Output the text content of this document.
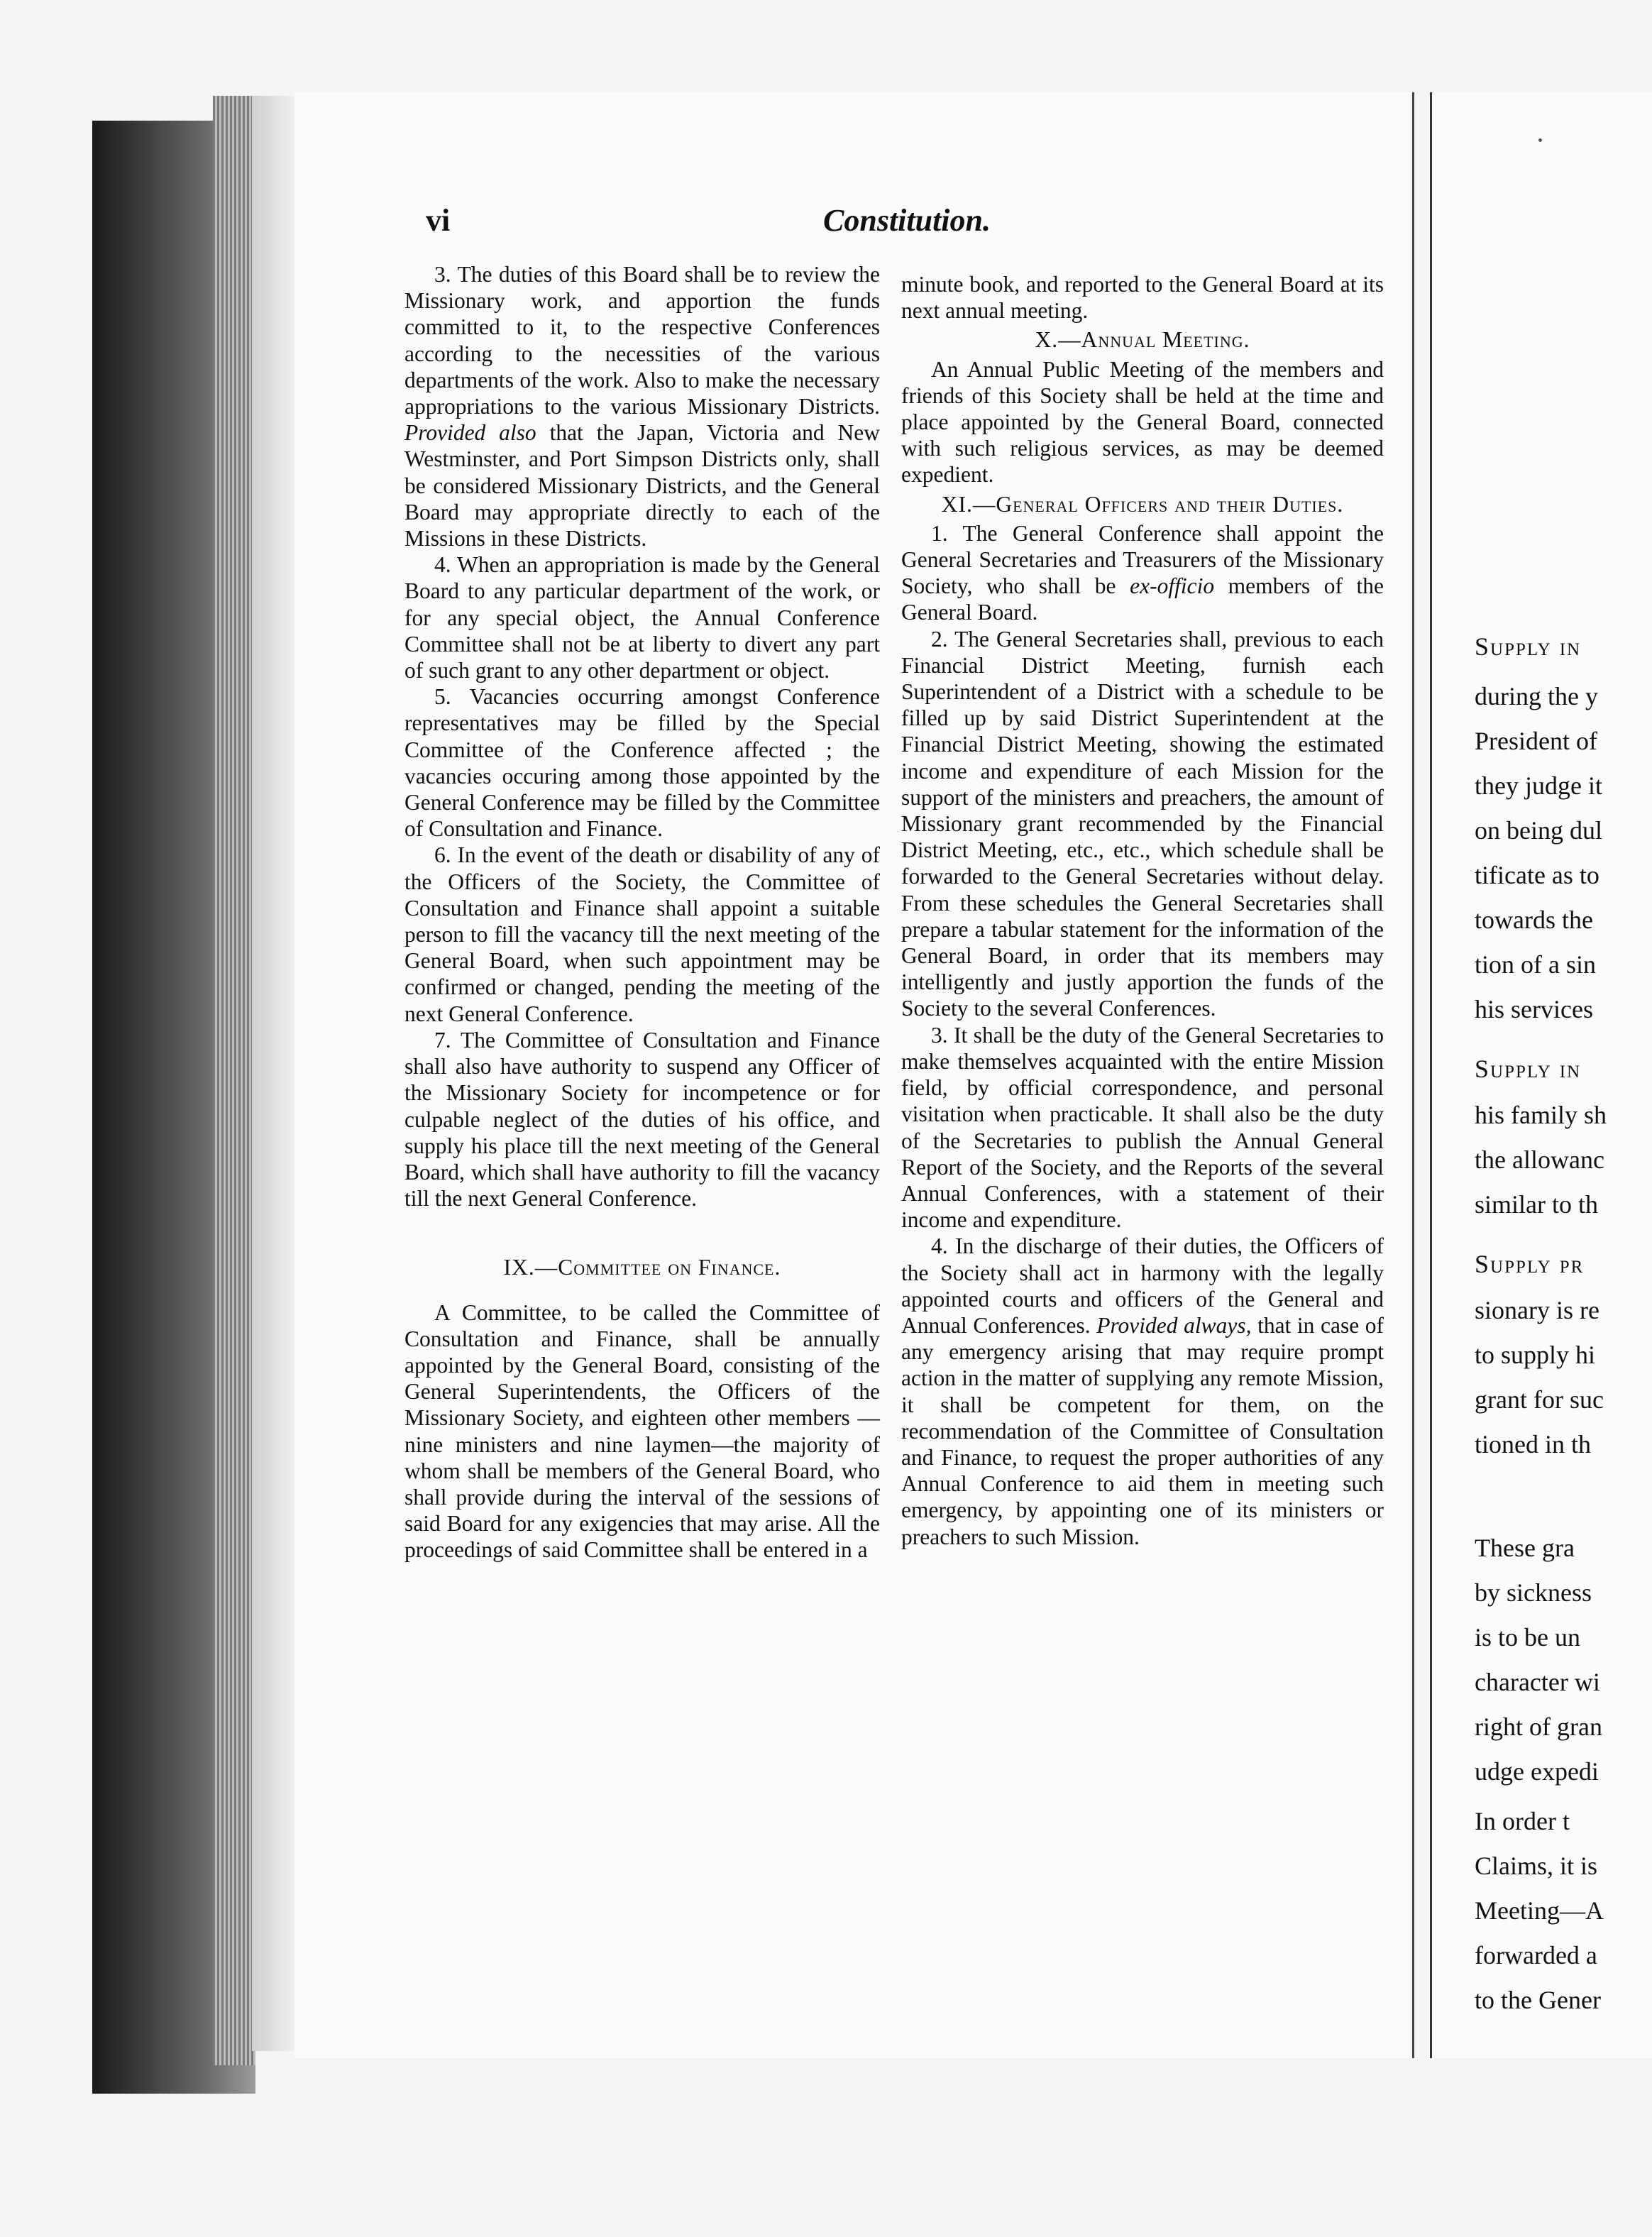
vi	Constitution.

3. The duties of this Board shall be to review the Missionary work, and apportion the funds committed to it, to the respective Conferences according to the necessities of the various departments of the work. Also to make the necessary appropriations to the various Missionary Districts. Provided also that the Japan, Victoria and New Westminster, and Port Simpson Districts only, shall be considered Missionary Districts, and the General Board may appropriate directly to each of the Missions in these Districts.

4. When an appropriation is made by the General Board to any particular department of the work, or for any special object, the Annual Conference Committee shall not be at liberty to divert any part of such grant to any other department or object.

5. Vacancies occurring amongst Conference representatives may be filled by the Special Committee of the Conference affected ; the vacancies occuring among those appointed by the General Conference may be filled by the Committee of Consultation and Finance.

6. In the event of the death or disability of any of the Officers of the Society, the Committee of Consultation and Finance shall appoint a suitable person to fill the vacancy till the next meeting of the General Board, when such appointment may be confirmed or changed, pending the meeting of the next General Conference.

7. The Committee of Consultation and Finance shall also have authority to suspend any Officer of the Missionary Society for incompetence or for culpable neglect of the duties of his office, and supply his place till the next meeting of the General Board, which shall have authority to fill the vacancy till the next General Conference.

IX.—Committee on Finance.

A Committee, to be called the Committee of Consultation and Finance, shall be annually appointed by the General Board, consisting of the General Superintendents, the Officers of the Missionary Society, and eighteen other members — nine ministers and nine laymen—the majority of whom shall be members of the General Board, who shall provide during the interval of the sessions of said Board for any exigencies that may arise. All the proceedings of said Committee shall be entered in a

minute book, and reported to the General Board at its next annual meeting.

X.—Annual Meeting.

An Annual Public Meeting of the members and friends of this Society shall be held at the time and place appointed by the General Board, connected with such religious services, as may be deemed expedient.

XI.—General Officers and their Duties.

1. The General Conference shall appoint the General Secretaries and Treasurers of the Missionary Society, who shall be ex-officio members of the General Board.

2. The General Secretaries shall, previous to each Financial District Meeting, furnish each Superintendent of a District with a schedule to be filled up by said District Superintendent at the Financial District Meeting, showing the estimated income and expenditure of each Mission for the support of the ministers and preachers, the amount of Missionary grant recommended by the Financial District Meeting, etc., etc., which schedule shall be forwarded to the General Secretaries without delay. From these schedules the General Secretaries shall prepare a tabular statement for the information of the General Board, in order that its members may intelligently and justly apportion the funds of the Society to the several Conferences.

3. It shall be the duty of the General Secretaries to make themselves acquainted with the entire Mission field, by official correspondence, and personal visitation when practicable. It shall also be the duty of the Secretaries to publish the Annual General Report of the Society, and the Reports of the several Annual Conferences, with a statement of their income and expenditure.

4. In the discharge of their duties, the Officers of the Society shall act in harmony with the legally appointed courts and officers of the General and Annual Conferences. Provided always, that in case of any emergency arising that may require prompt action in the matter of supplying any remote Mission, it shall be competent for them, on the recommendation of the Committee of Consultation and Finance, to request the proper authorities of any Annual Conference to aid them in meeting such emergency, by appointing one of its ministers or preachers to such Mission.

Supply in
during the y
President of
they judge it
on being dul
tificate as to
towards the
tion of a sin
his services
Supply in
his family sh
the allowanc
similar to th
Supply pr
sionary is re
to supply hi
grant for suc
tioned in th
These gra
by sickness
is to be un
character wi
right of gran
udge expedi
In order t
Claims, it is
Meeting—A
forwarded a
to the Gener
